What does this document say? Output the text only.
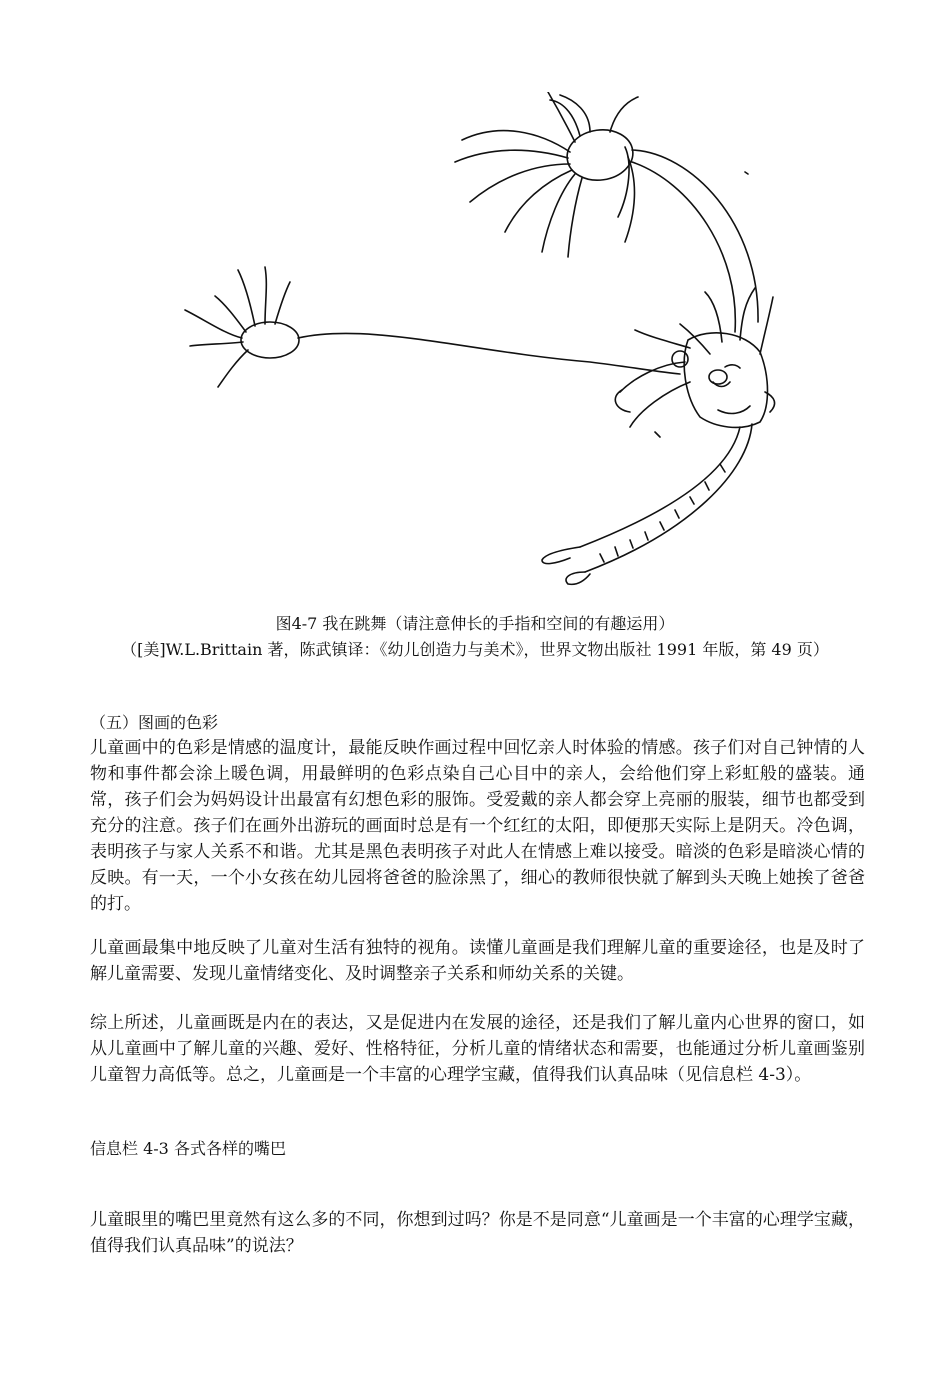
图4-7 我在跳舞（请注意伸长的手指和空间的有趣运用）
（[美]W.L.Brittain 著，陈武镇译：《幼儿创造力与美术》，世界文物出版社 1991 年版，第 49 页）
（五）图画的色彩

儿童画中的色彩是情感的温度计，最能反映作画过程中回忆亲人时体验的情感。孩子们对自己钟情的人物和事件都会涂上暖色调，用最鲜明的色彩点染自己心目中的亲人，会给他们穿上彩虹般的盛装。通常，孩子们会为妈妈设计出最富有幻想色彩的服饰。受爱戴的亲人都会穿上亮丽的服装，细节也都受到充分的注意。孩子们在画外出游玩的画面时总是有一个红红的太阳，即便那天实际上是阴天。冷色调，表明孩子与家人关系不和谐。尤其是黑色表明孩子对此人在情感上难以接受。暗淡的色彩是暗淡心情的反映。有一天，一个小女孩在幼儿园将爸爸的脸涂黑了，细心的教师很快就了解到头天晚上她挨了爸爸的打。

儿童画最集中地反映了儿童对生活有独特的视角。读懂儿童画是我们理解儿童的重要途径，也是及时了解儿童需要、发现儿童情绪变化、及时调整亲子关系和师幼关系的关键。

综上所述，儿童画既是内在的表达，又是促进内在发展的途径，还是我们了解儿童内心世界的窗口，如从儿童画中了解儿童的兴趣、爱好、性格特征，分析儿童的情绪状态和需要，也能通过分析儿童画鉴别儿童智力高低等。总之，儿童画是一个丰富的心理学宝藏，值得我们认真品味（见信息栏 4-3）。

信息栏 4-3 各式各样的嘴巴

儿童眼里的嘴巴里竟然有这么多的不同，你想到过吗？你是不是同意“儿童画是一个丰富的心理学宝藏，值得我们认真品味”的说法？
